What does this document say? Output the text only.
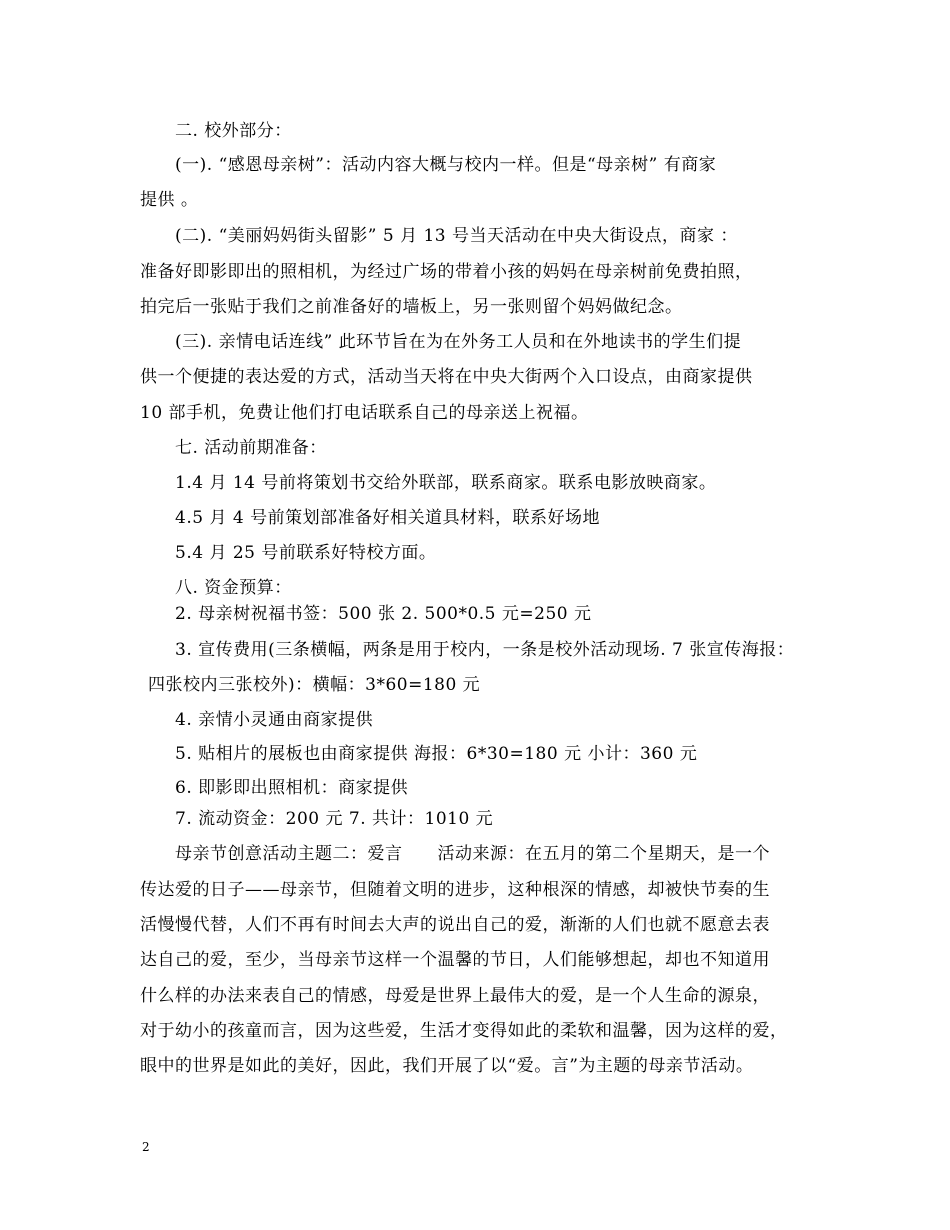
二. 校外部分：
(一). “感恩母亲树”：活动内容大概与校内一样。但是“母亲树” 有商家
提供 。
(二). “美丽妈妈街头留影” 5 月 13 号当天活动在中央大街设点，商家 ：
准备好即影即出的照相机，为经过广场的带着小孩的妈妈在母亲树前免费拍照，
拍完后一张贴于我们之前准备好的墙板上，另一张则留个妈妈做纪念。
(三). 亲情电话连线” 此环节旨在为在外务工人员和在外地读书的学生们提
供一个便捷的表达爱的方式，活动当天将在中央大街两个入口设点，由商家提供
10 部手机，免费让他们打电话联系自己的母亲送上祝福。
七. 活动前期准备：
1.4 月 14 号前将策划书交给外联部，联系商家。联系电影放映商家。
4.5 月 4 号前策划部准备好相关道具材料，联系好场地
5.4 月 25 号前联系好特校方面。
八. 资金预算：
2. 母亲树祝福书签：500 张 2. 500*0.5 元=250 元
3. 宣传费用(三条横幅，两条是用于校内，一条是校外活动现场. 7 张宣传海报：
四张校内三张校外)：横幅：3*60=180 元
4. 亲情小灵通由商家提供
5. 贴相片的展板也由商家提供 海报：6*30=180 元 小计：360 元
6. 即影即出照相机：商家提供
7. 流动资金：200 元 7. 共计：1010 元
母亲节创意活动主题二：爱言　　活动来源：在五月的第二个星期天，是一个
传达爱的日子——母亲节，但随着文明的进步，这种根深的情感，却被快节奏的生
活慢慢代替，人们不再有时间去大声的说出自己的爱，渐渐的人们也就不愿意去表
达自己的爱，至少，当母亲节这样一个温馨的节日，人们能够想起，却也不知道用
什么样的办法来表自己的情感，母爱是世界上最伟大的爱，是一个人生命的源泉，
对于幼小的孩童而言，因为这些爱，生活才变得如此的柔软和温馨，因为这样的爱，
眼中的世界是如此的美好，因此，我们开展了以“爱。言”为主题的母亲节活动。
2
